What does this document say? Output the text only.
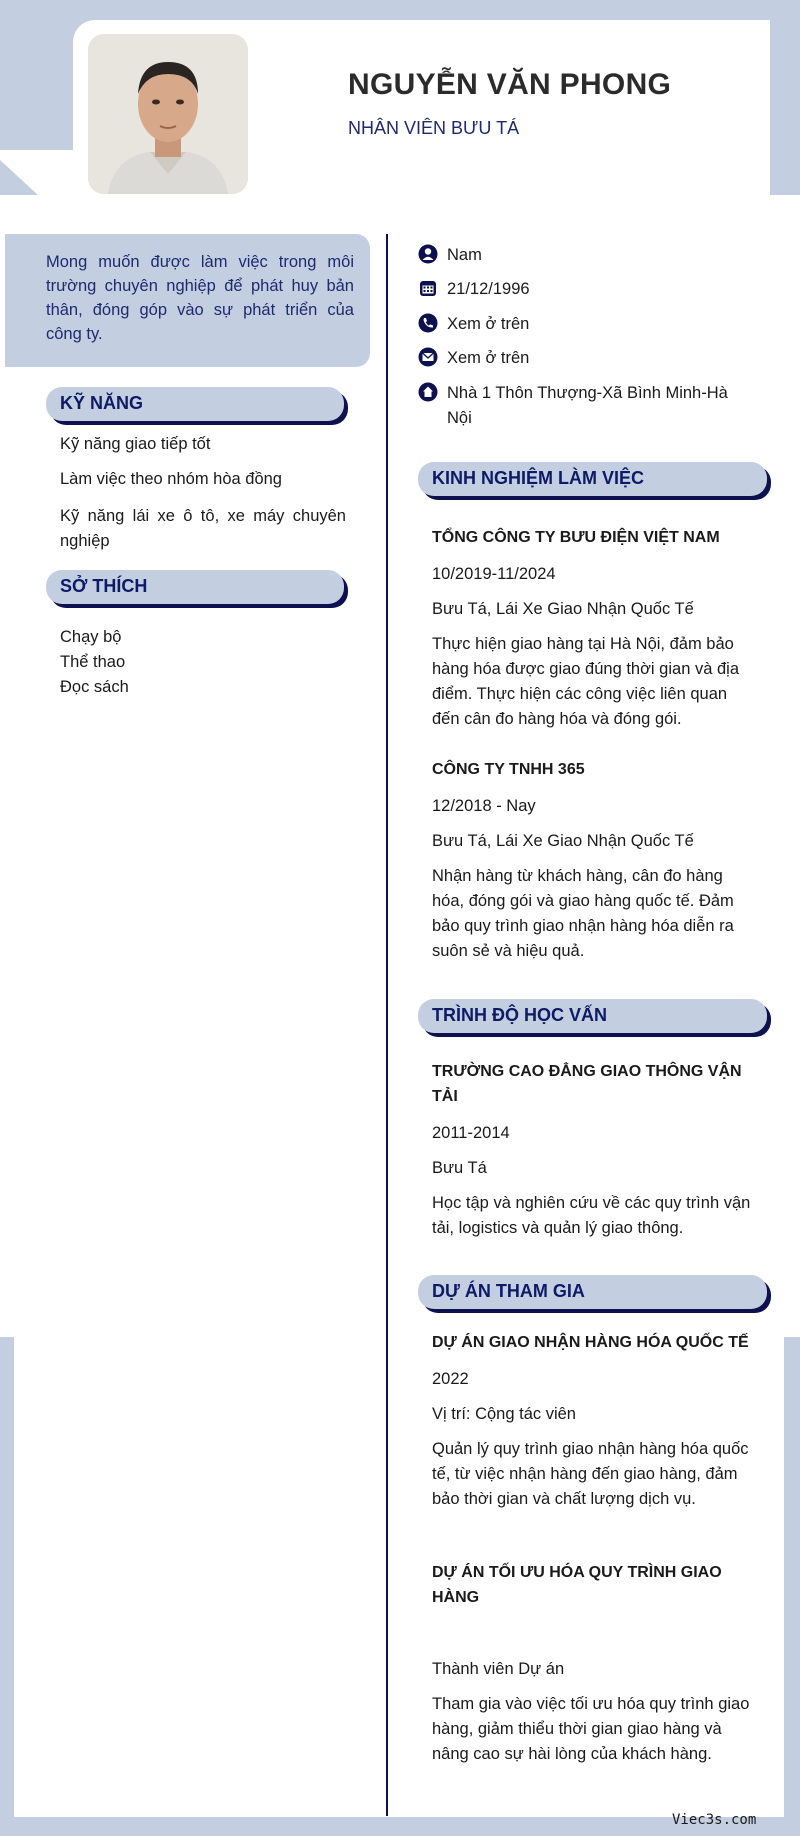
NGUYỄN VĂN PHONG
NHÂN VIÊN BƯU TÁ

Mong muốn được làm việc trong môi trường chuyên nghiệp để phát huy bản thân, đóng góp vào sự phát triển của công ty.

KỸ NĂNG
Kỹ năng giao tiếp tốt
Làm việc theo nhóm hòa đồng
Kỹ năng lái xe ô tô, xe máy chuyên nghiệp
SỞ THÍCH
Chạy bộ
Thể thao
Đọc sách
Nam
21/12/1996
Xem ở trên
Xem ở trên
Nhà 1 Thôn Thượng-Xã Bình Minh-Hà Nội
KINH NGHIỆM LÀM VIỆC
TỔNG CÔNG TY BƯU ĐIỆN VIỆT NAM
10/2019-11/2024
Bưu Tá, Lái Xe Giao Nhận Quốc Tế
Thực hiện giao hàng tại Hà Nội, đảm bảo hàng hóa được giao đúng thời gian và địa điểm. Thực hiện các công việc liên quan đến cân đo hàng hóa và đóng gói.
CÔNG TY TNHH 365
12/2018 - Nay
Bưu Tá, Lái Xe Giao Nhận Quốc Tế
Nhận hàng từ khách hàng, cân đo hàng hóa, đóng gói và giao hàng quốc tế. Đảm bảo quy trình giao nhận hàng hóa diễn ra suôn sẻ và hiệu quả.
TRÌNH ĐỘ HỌC VẤN
TRƯỜNG CAO ĐẲNG GIAO THÔNG VẬN TẢI
2011-2014
Bưu Tá
Học tập và nghiên cứu về các quy trình vận tải, logistics và quản lý giao thông.
DỰ ÁN THAM GIA
DỰ ÁN GIAO NHẬN HÀNG HÓA QUỐC TẾ
2022
Vị trí: Cộng tác viên
Quản lý quy trình giao nhận hàng hóa quốc tế, từ việc nhận hàng đến giao hàng, đảm bảo thời gian và chất lượng dịch vụ.
DỰ ÁN TỐI ƯU HÓA QUY TRÌNH GIAO HÀNG
Thành viên Dự án
Tham gia vào việc tối ưu hóa quy trình giao hàng, giảm thiểu thời gian giao hàng và nâng cao sự hài lòng của khách hàng.
Viec3s.com
